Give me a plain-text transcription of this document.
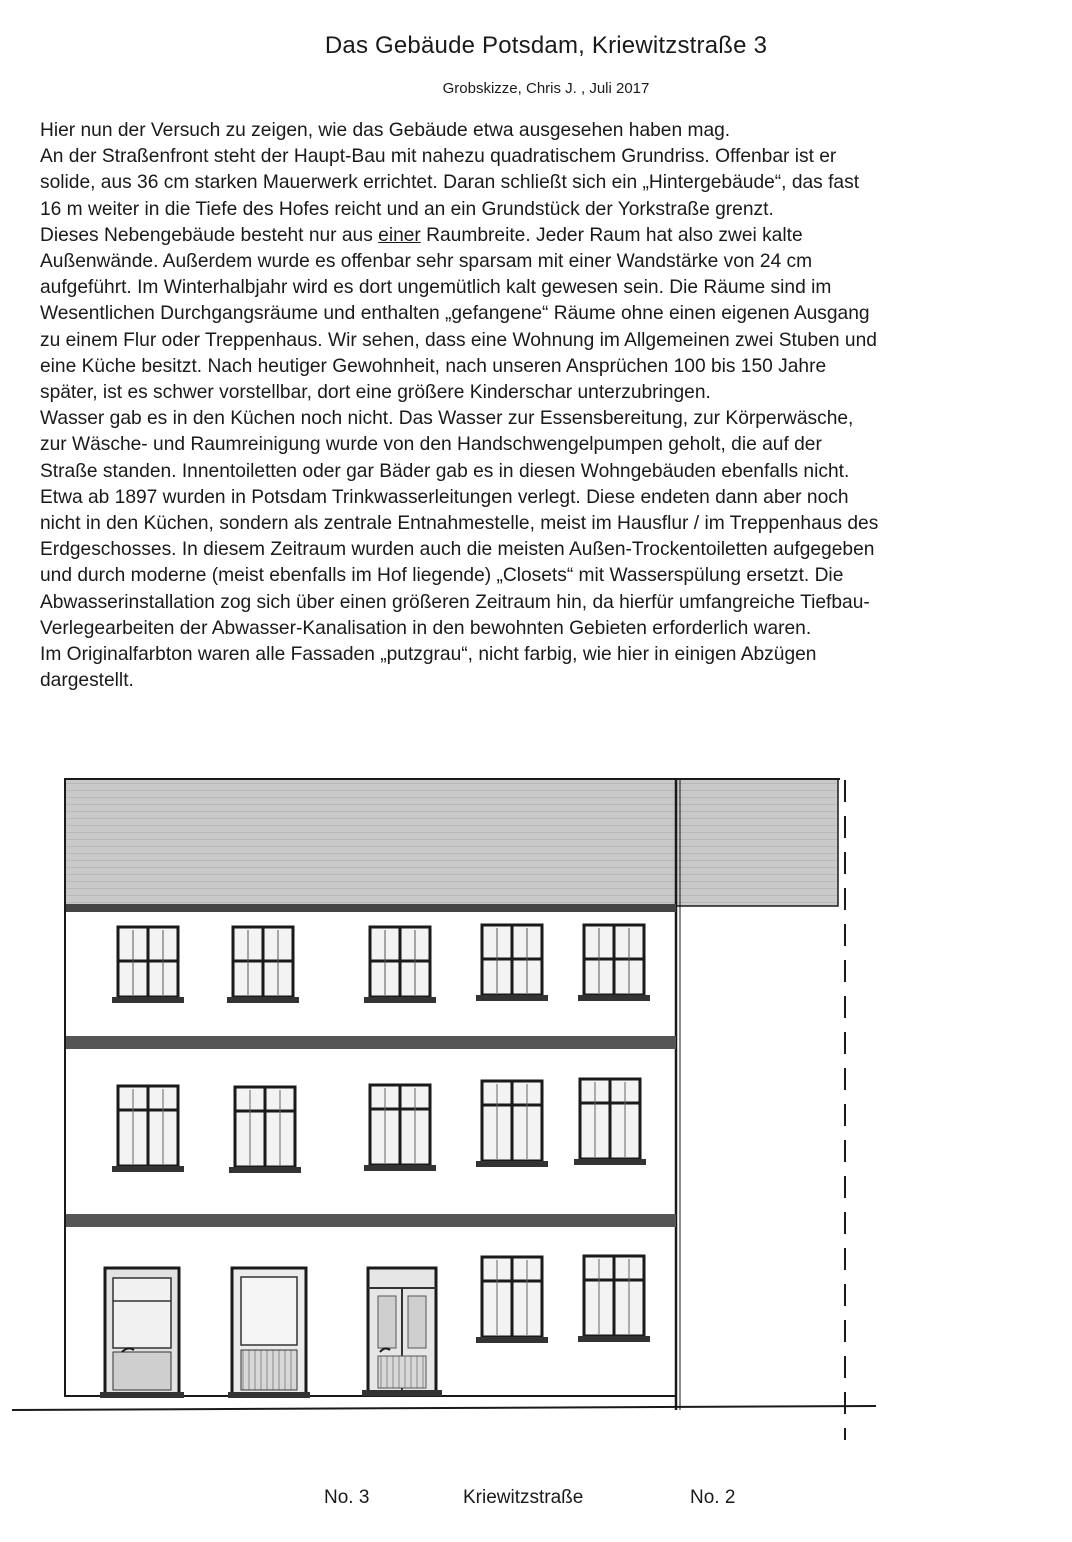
Das Gebäude Potsdam, Kriewitzstraße 3
Grobskizze, Chris J. , Juli 2017

Hier nun der Versuch zu zeigen, wie das Gebäude etwa ausgesehen haben mag.

An der Straßenfront steht der Haupt-Bau mit nahezu quadratischem Grundriss. Offenbar ist er

solide, aus 36 cm starken Mauerwerk errichtet. Daran schließt sich ein „Hintergebäude“, das fast

16 m weiter in die Tiefe des Hofes reicht und an ein Grundstück der Yorkstraße grenzt.

Dieses Nebengebäude besteht nur aus einer Raumbreite. Jeder Raum hat also zwei kalte

Außenwände. Außerdem wurde es offenbar sehr sparsam mit einer Wandstärke von 24 cm

aufgeführt. Im Winterhalbjahr wird es dort ungemütlich kalt gewesen sein. Die Räume sind im

Wesentlichen Durchgangsräume und enthalten „gefangene“ Räume ohne einen eigenen Ausgang

zu einem Flur oder Treppenhaus. Wir sehen, dass eine Wohnung im Allgemeinen zwei Stuben und

eine Küche besitzt. Nach heutiger Gewohnheit, nach unseren Ansprüchen 100 bis 150 Jahre

später, ist es schwer vorstellbar, dort eine größere Kinderschar unterzubringen.

Wasser gab es in den Küchen noch nicht. Das Wasser zur Essensbereitung, zur Körperwäsche,

zur Wäsche- und Raumreinigung wurde von den Handschwengelpumpen geholt, die auf der

Straße standen. Innentoiletten oder gar Bäder gab es in diesen Wohngebäuden ebenfalls nicht.

Etwa ab 1897 wurden in Potsdam Trinkwasserleitungen verlegt. Diese endeten dann aber noch

nicht in den Küchen, sondern als zentrale Entnahmestelle, meist im Hausflur / im Treppenhaus des

Erdgeschosses. In diesem Zeitraum wurden auch die meisten Außen-Trockentoiletten aufgegeben

und durch moderne (meist ebenfalls im Hof liegende) „Closets“ mit Wasserspülung ersetzt. Die

Abwasserinstallation zog sich über einen größeren Zeitraum hin, da hierfür umfangreiche Tiefbau-

Verlegearbeiten der Abwasser-Kanalisation in den bewohnten Gebieten erforderlich waren.

Im Originalfarbton waren alle Fassaden „putzgrau“, nicht farbig, wie hier in einigen Abzügen

dargestellt.

No. 3	Kriewitzstraße	No. 2
